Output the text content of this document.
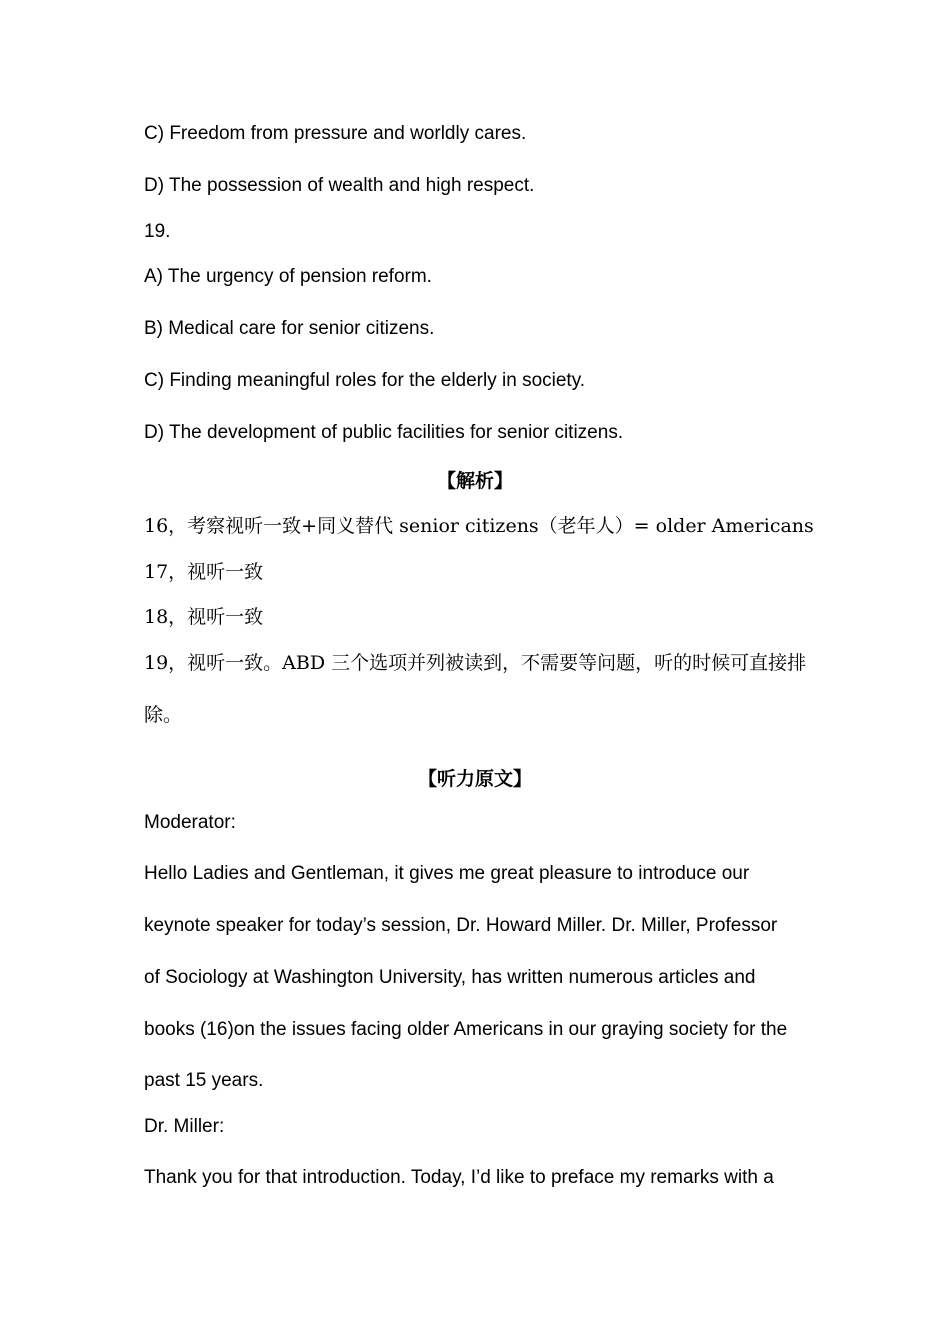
C) Freedom from pressure and worldly cares.
D) The possession of wealth and high respect.
19.
A) The urgency of pension reform.
B) Medical care for senior citizens.
C) Finding meaningful roles for the elderly in society.
D) The development of public facilities for senior citizens.
【解析】
16，考察视听一致+同义替代 senior citizens（老年人）= older Americans
17，视听一致
18，视听一致
19，视听一致。ABD 三个选项并列被读到，不需要等问题，听的时候可直接排
除。
【听力原文】
Moderator:
Hello Ladies and Gentleman, it gives me great pleasure to introduce our
keynote speaker for today’s session, Dr. Howard Miller. Dr. Miller, Professor
of Sociology at Washington University, has written numerous articles and
books (16)on the issues facing older Americans in our graying society for the
past 15 years.
Dr. Miller:
Thank you for that introduction. Today, I’d like to preface my remarks with a
